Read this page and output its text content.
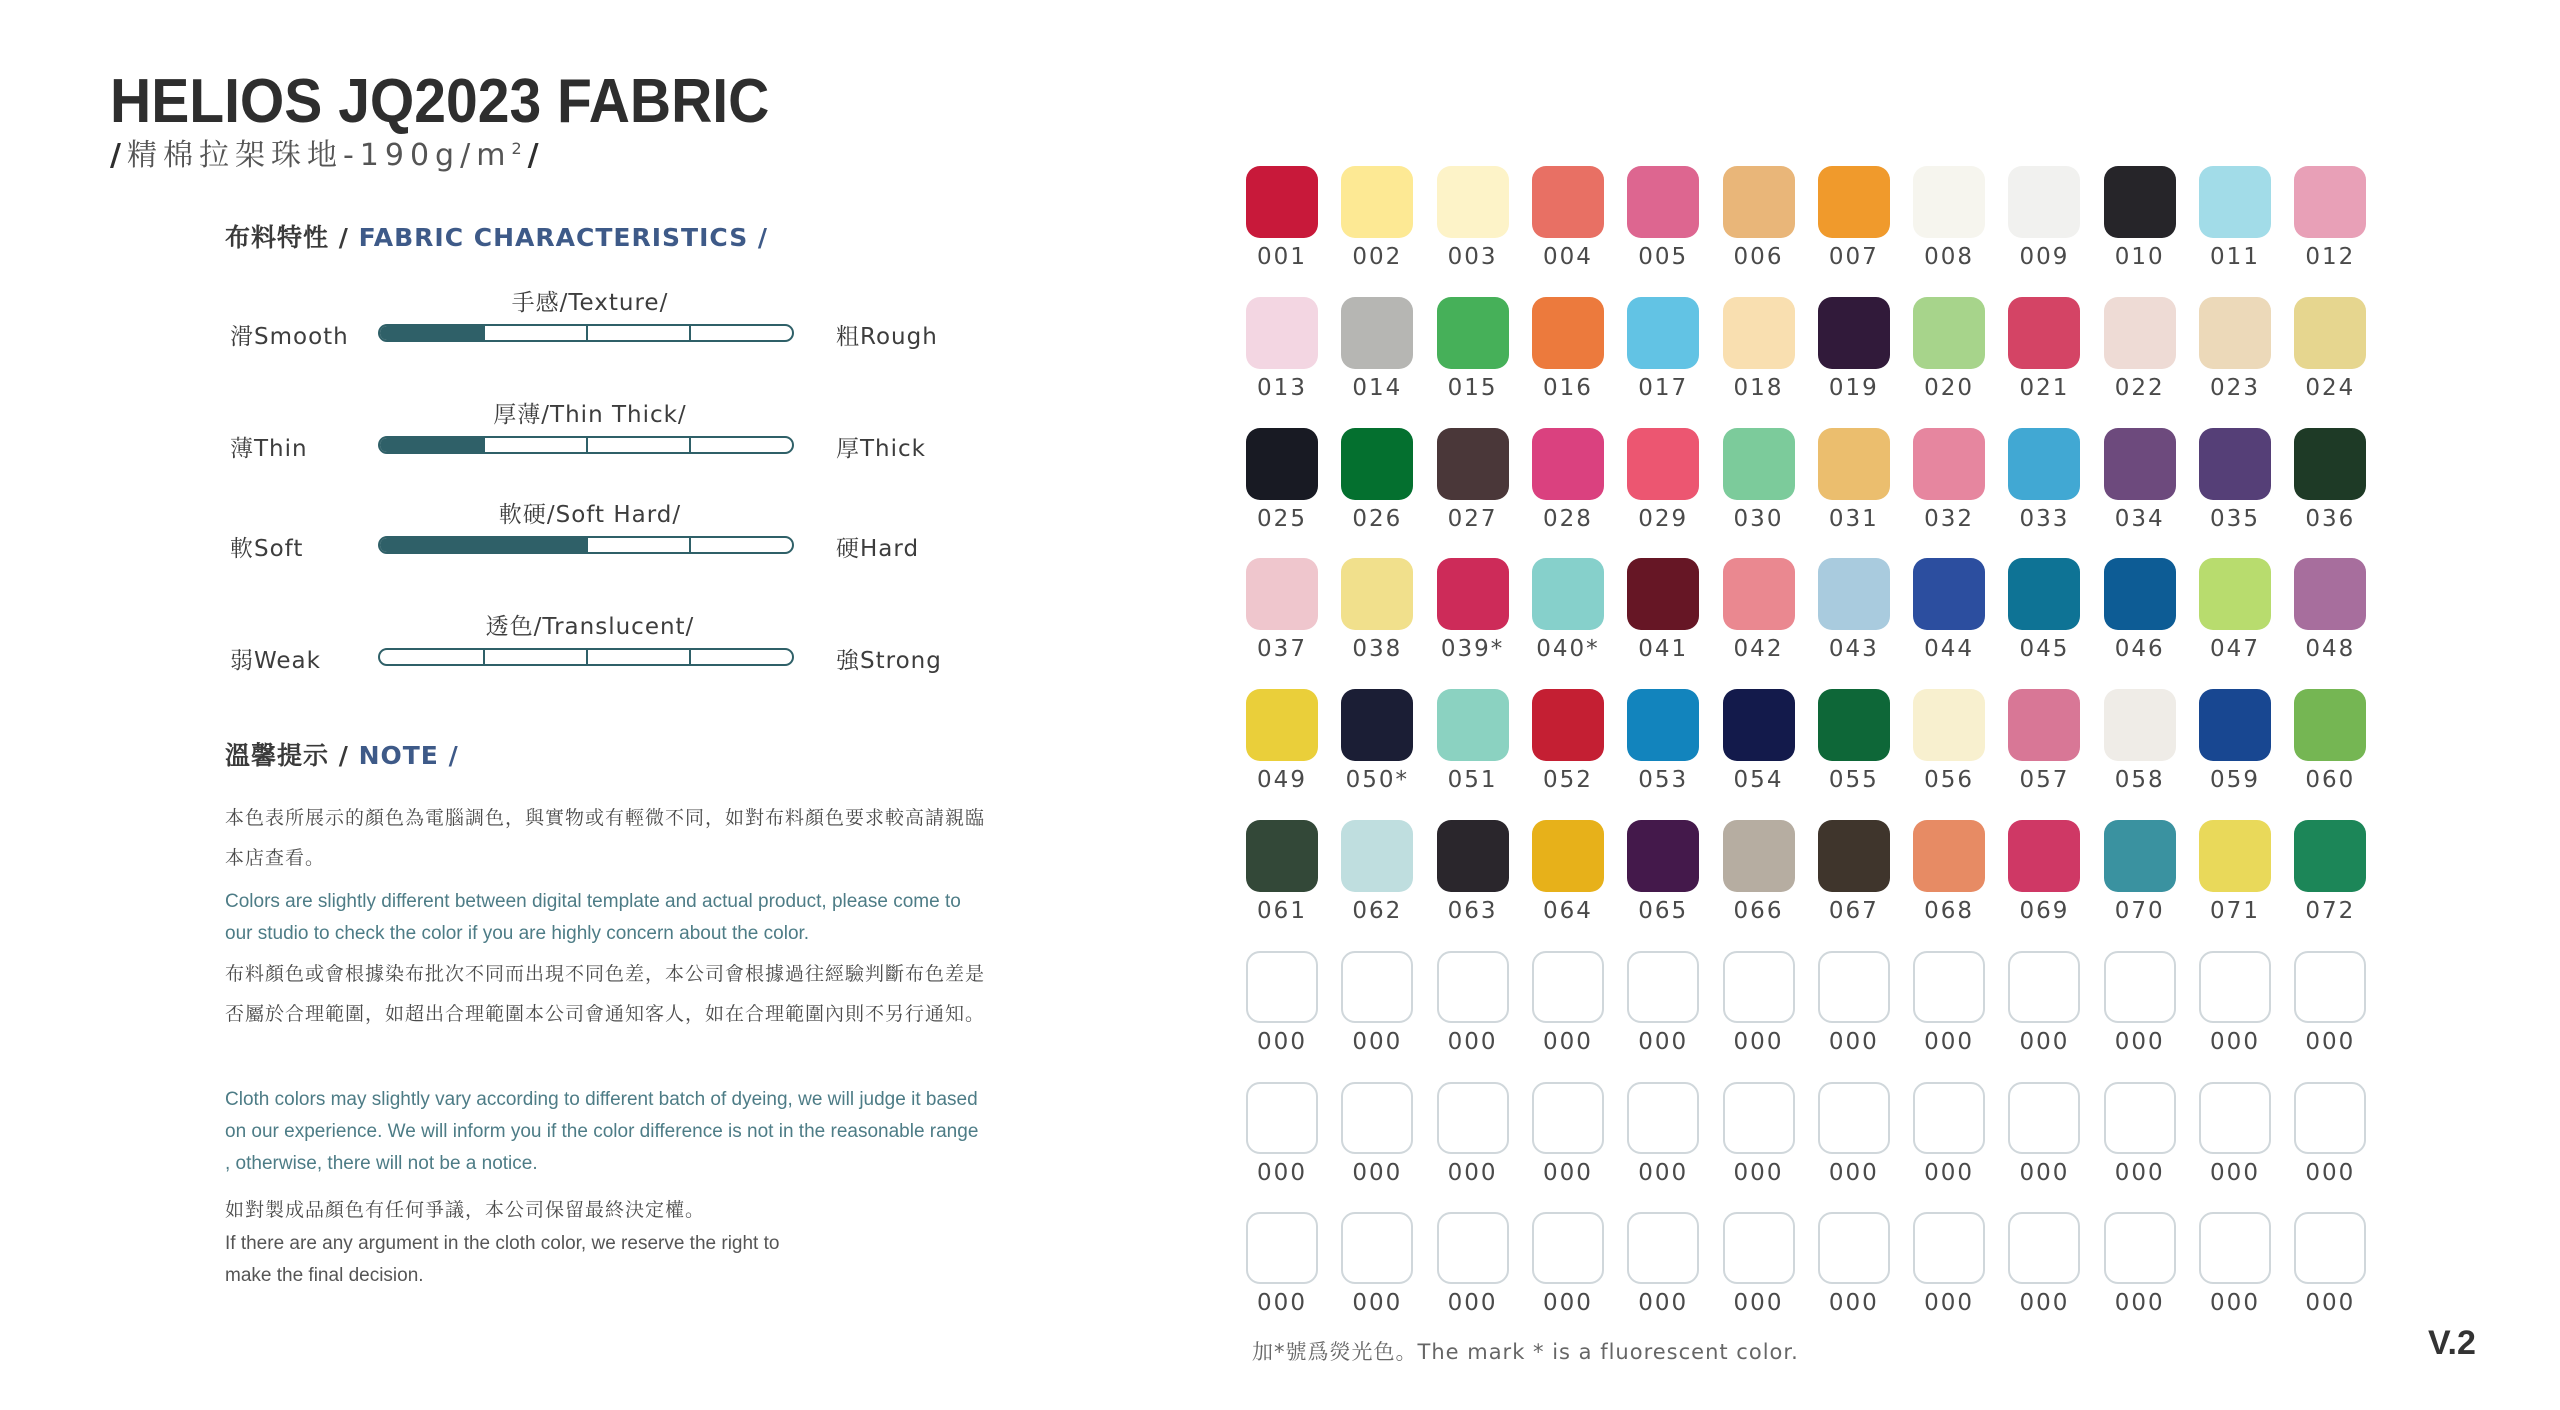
HELIOS JQ2023 FABRIC
/精棉拉架珠地$-190g/m^2/$
布料特性 / FABRIC CHARACTERISTICS /
手感/Texture/
滑Smooth	粗Rough
厚薄/Thin Thick/
薄Thin	厚Thick
軟硬/Soft Hard/
軟Soft	硬Hard
透色/Translucent/
弱Weak	強Strong
溫馨提示 / NOTE /
本色表所展示的顏色為電腦調色，與實物或有輕微不同，如對布料顏色要求較高請親臨本店查看。
Colors are slightly different between digital template and actual product, please come to our studio to check the color if you are highly concern about the color.
布料顏色或會根據染布批次不同而出現不同色差，本公司會根據過往經驗判斷布色差是否屬於合理範圍，如超出合理範圍本公司會通知客人，如在合理範圍內則不另行通知。
Cloth colors may slightly vary according to different batch of dyeing, we will judge it based on our experience. We will inform you if the color difference is not in the reasonable range , otherwise, there will not be a notice.
如對製成品顏色有任何爭議，本公司保留最終決定權。
If there are any argument in the cloth color, we reserve the right to make the final decision.
001	002	003	004	005	006	007	008	009	010	011	012
013	014	015	016	017	018	019	020	021	022	023	024
025	026	027	028	029	030	031	032	033	034	035	036
037	038	039*	040*	041	042	043	044	045	046	047	048
049	050*	051	052	053	054	055	056	057	058	059	060
061	062	063	064	065	066	067	068	069	070	071	072
000	000	000	000	000	000	000	000	000	000	000	000
000	000	000	000	000	000	000	000	000	000	000	000
000	000	000	000	000	000	000	000	000	000	000	000
加*號爲熒光色。The mark * is a fluorescent color.	V.2
